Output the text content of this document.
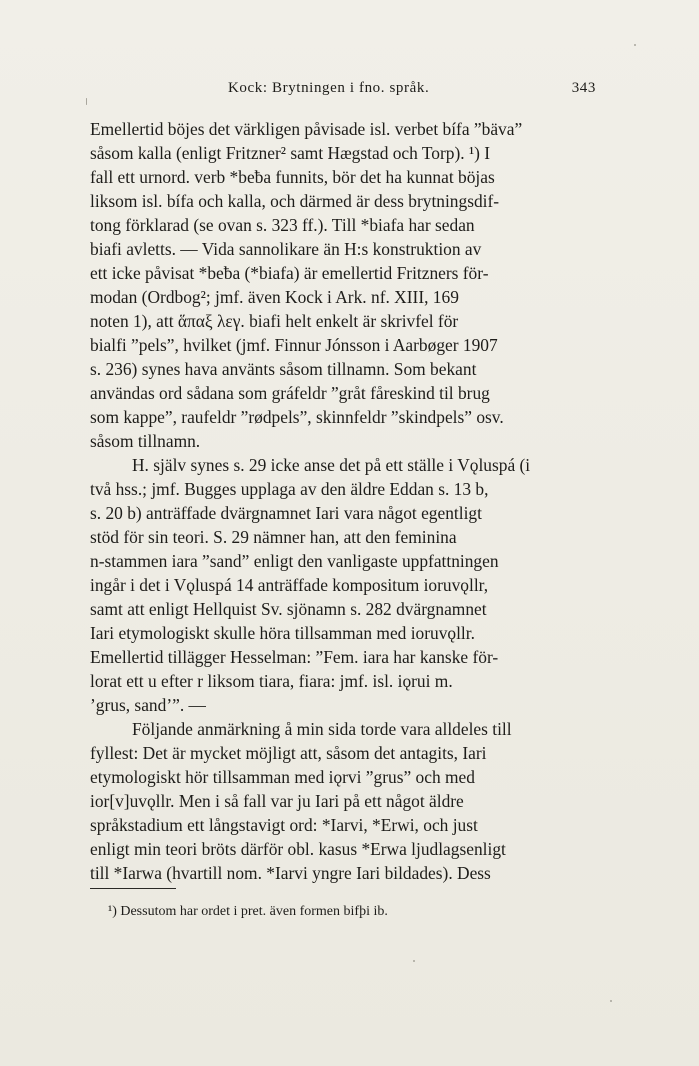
Kock: Brytningen i fno. språk.	343
Emellertid böjes det värkligen påvisade isl. verbet bífa ”bäva”
såsom kalla (enligt Fritzner² samt Hægstad och Torp). ¹) I
fall ett urnord. verb *beƀa funnits, bör det ha kunnat böjas
liksom isl. bífa och kalla, och därmed är dess brytningsdif-
tong förklarad (se ovan s. 323 ff.). Till *biafa har sedan
biafi avletts. — Vida sannolikare än H:s konstruktion av
ett icke påvisat *beƀa (*biafa) är emellertid Fritzners för-
modan (Ordbog²; jmf. även Kock i Ark. nf. XIII, 169
noten 1), att ἅπαξ λεγ. biafi helt enkelt är skrivfel för
bialfi ”pels”, hvilket (jmf. Finnur Jónsson i Aarbøger 1907
s. 236) synes hava använts såsom tillnamn. Som bekant
användas ord sådana som gráfeldr ”gråt fåreskind til brug
som kappe”, raufeldr ”rødpels”, skinnfeldr ”skindpels” osv.
såsom tillnamn.
H. själv synes s. 29 icke anse det på ett ställe i Vǫluspá (i
två hss.; jmf. Bugges upplaga av den äldre Eddan s. 13 b,
s. 20 b) anträffade dvärgnamnet Iari vara något egentligt
stöd för sin teori. S. 29 nämner han, att den feminina
n-stammen iara ”sand” enligt den vanligaste uppfattningen
ingår i det i Vǫluspá 14 anträffade kompositum ioruvǫllr,
samt att enligt Hellquist Sv. sjönamn s. 282 dvärgnamnet
Iari etymologiskt skulle höra tillsamman med ioruvǫllr.
Emellertid tillägger Hesselman: ”Fem. iara har kanske för-
lorat ett u efter r liksom tiara, fiara: jmf. isl. iǫrui m.
’grus, sand’”. —
Följande anmärkning å min sida torde vara alldeles till
fyllest: Det är mycket möjligt att, såsom det antagits, Iari
etymologiskt hör tillsamman med iǫrvi ”grus” och med
ior[v]uvǫllr. Men i så fall var ju Iari på ett något äldre
språkstadium ett långstavigt ord: *Iarvi, *Erwi, och just
enligt min teori bröts därför obl. kasus *Erwa ljudlagsenligt
till *Iarwa (hvartill nom. *Iarvi yngre Iari bildades). Dess
¹) Dessutom har ordet i pret. även formen bifþi ib.
